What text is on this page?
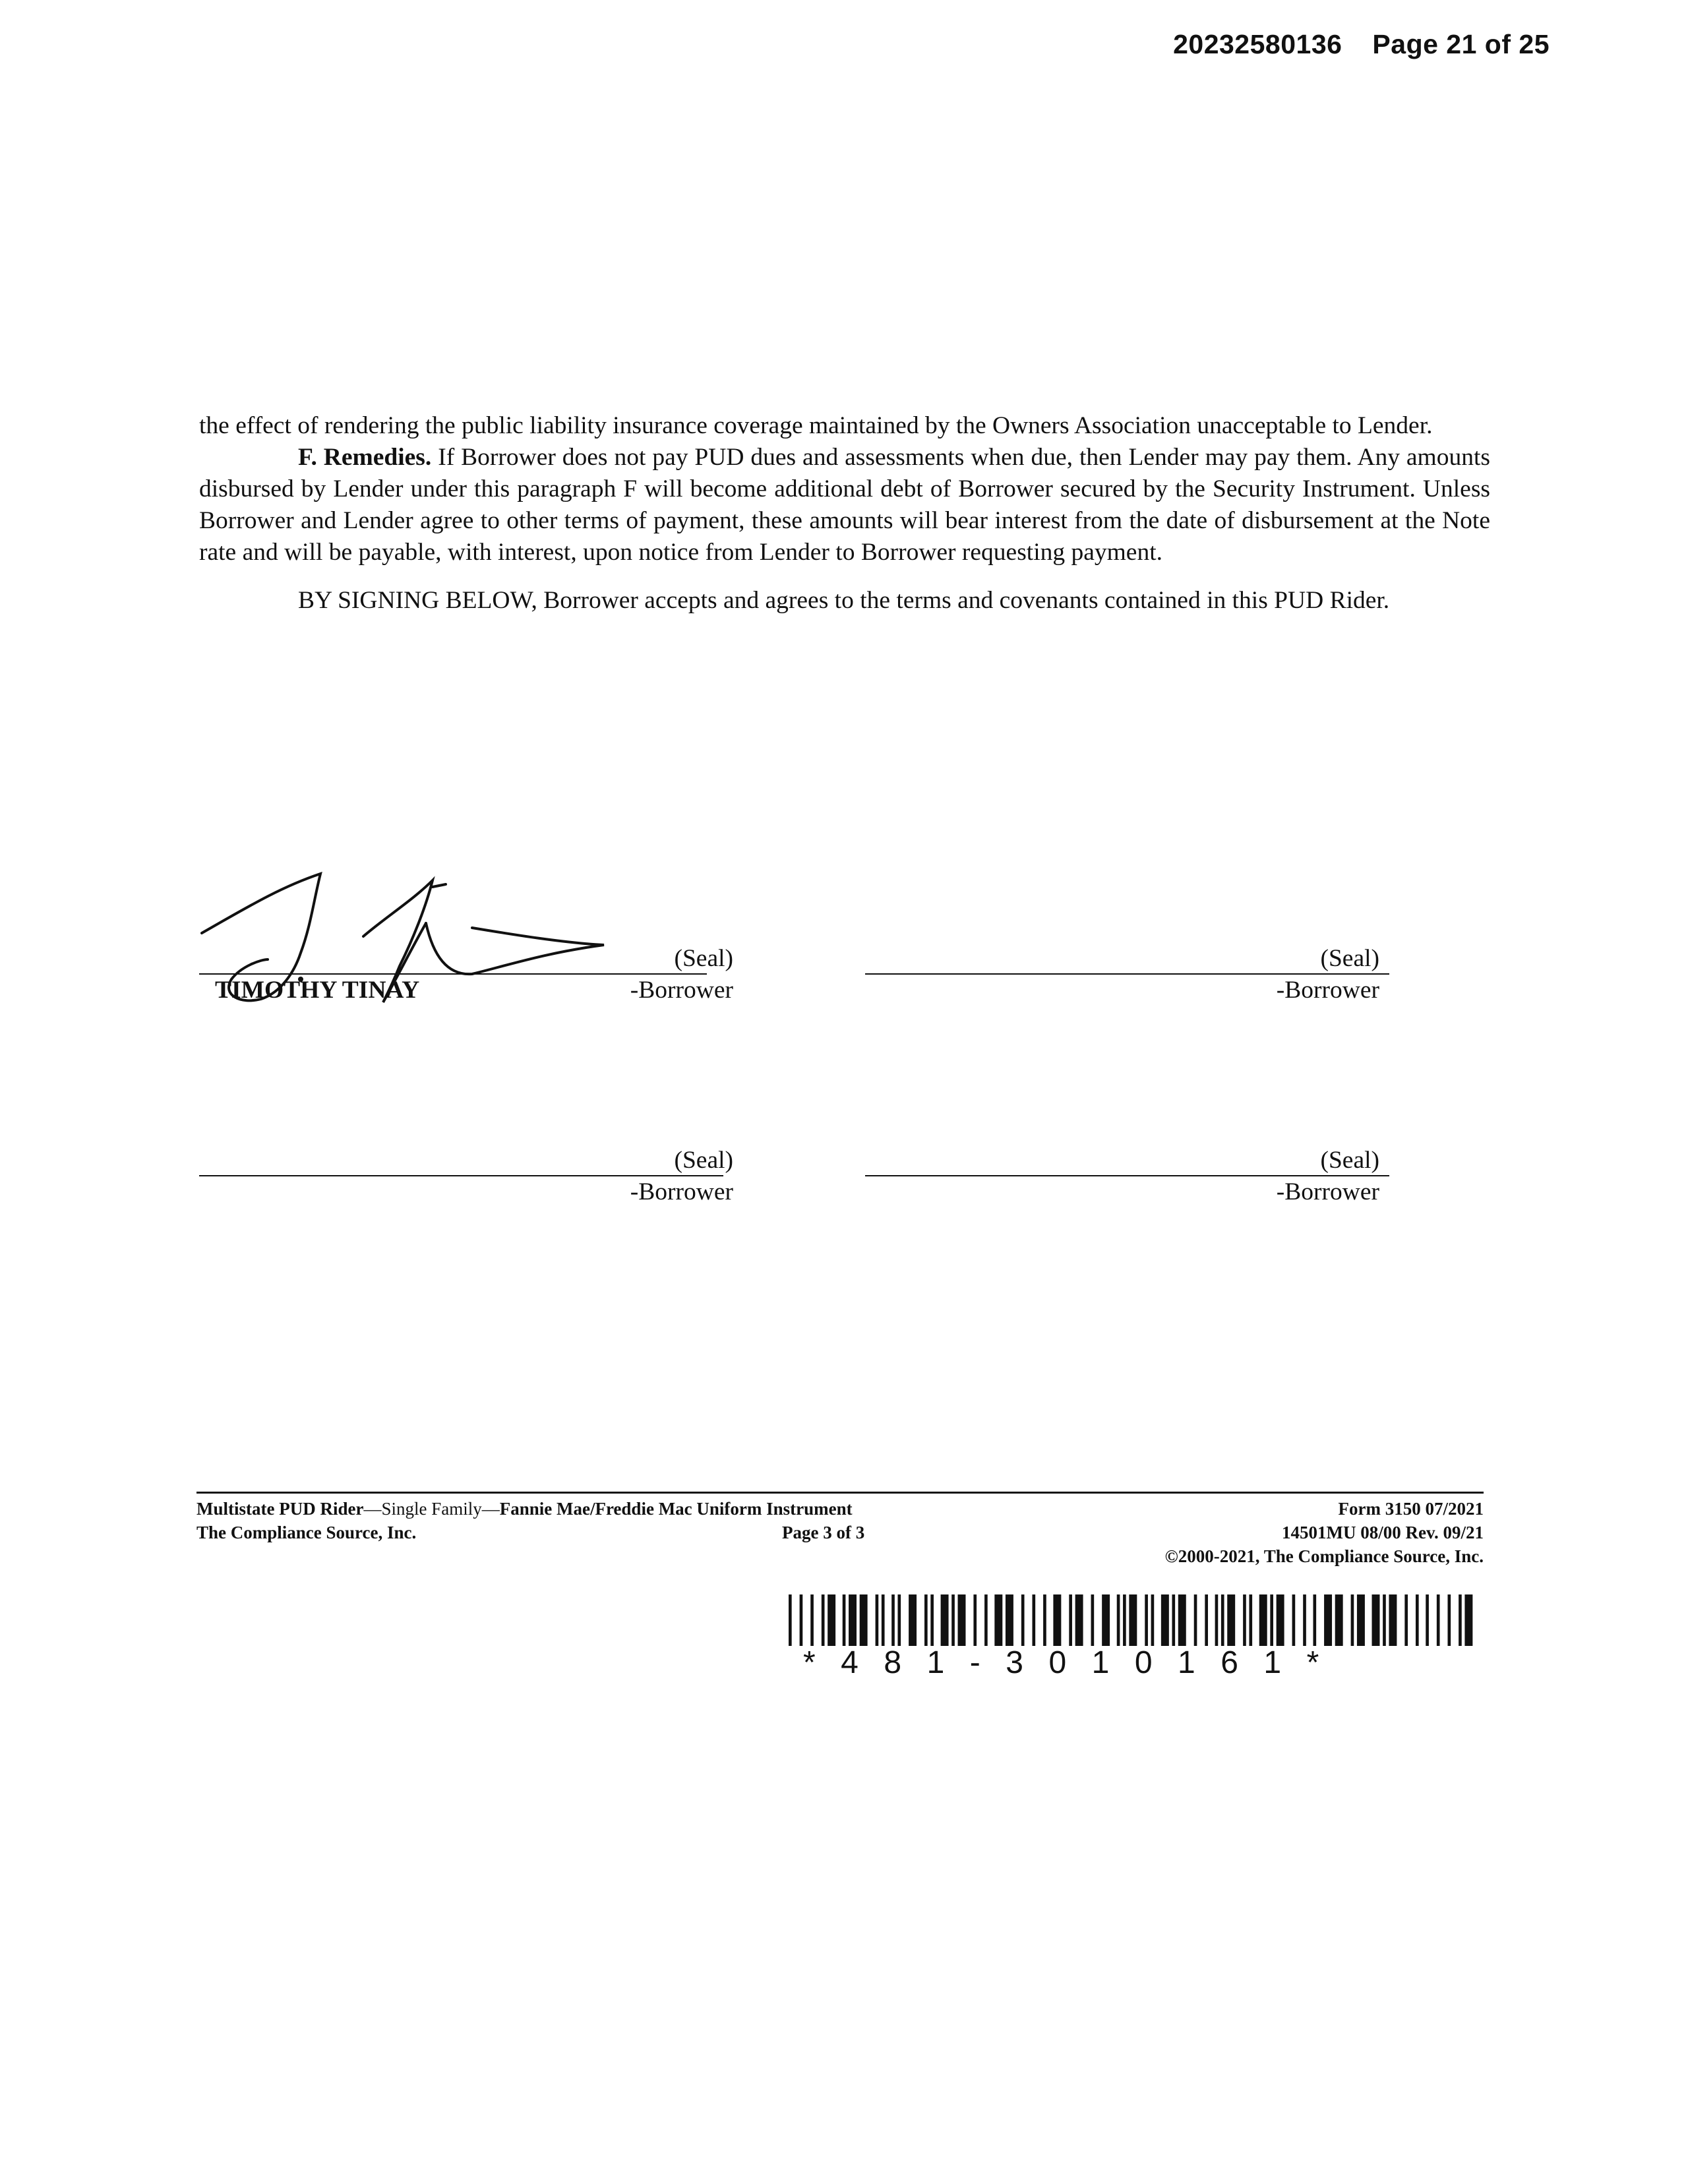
20232580136 Page 21 of 25

the effect of rendering the public liability insurance coverage maintained by the Owners Association unacceptable to Lender.

F. Remedies. If Borrower does not pay PUD dues and assessments when due, then Lender may pay them. Any amounts disbursed by Lender under this paragraph F will become additional debt of Borrower secured by the Security Instrument. Unless Borrower and Lender agree to other terms of payment, these amounts will bear interest from the date of disbursement at the Note rate and will be payable, with interest, upon notice from Lender to Borrower requesting payment.

BY SIGNING BELOW, Borrower accepts and agrees to the terms and covenants contained in this PUD Rider.

(Seal)
TIMOTHY TINAY	-Borrower
(Seal)
-Borrower
(Seal)
-Borrower
(Seal)
-Borrower
Multistate PUD Rider—Single Family—Fannie Mae/Freddie Mac Uniform Instrument
The Compliance Source, Inc.	Page 3 of 3
Form 3150 07/2021
14501MU 08/00 Rev. 09/21
©2000-2021, The Compliance Source, Inc.
*481-3010161*
